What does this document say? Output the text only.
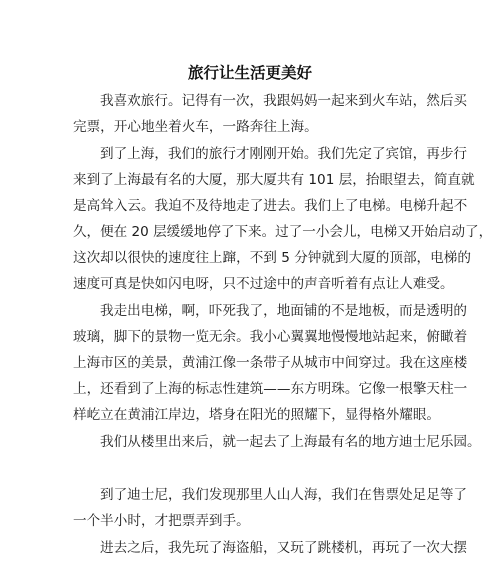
旅行让生活更美好
我喜欢旅行。记得有一次，我跟妈妈一起来到火车站，然后买
完票，开心地坐着火车，一路奔往上海。
到了上海，我们的旅行才刚刚开始。我们先定了宾馆，再步行
来到了上海最有名的大厦，那大厦共有 101 层，抬眼望去，简直就
是高耸入云。我迫不及待地走了进去。我们上了电梯。电梯升起不
久，便在 20 层缓缓地停了下来。过了一小会儿，电梯又开始启动了，
这次却以很快的速度往上蹿，不到 5 分钟就到大厦的顶部，电梯的
速度可真是快如闪电呀，只不过途中的声音听着有点让人难受。
我走出电梯，啊，吓死我了，地面铺的不是地板，而是透明的
玻璃，脚下的景物一览无余。我小心翼翼地慢慢地站起来，俯瞰着
上海市区的美景，黄浦江像一条带子从城市中间穿过。我在这座楼
上，还看到了上海的标志性建筑——东方明珠。它像一根擎天柱一
样屹立在黄浦江岸边，塔身在阳光的照耀下，显得格外耀眼。
我们从楼里出来后，就一起去了上海最有名的地方迪士尼乐园。
到了迪士尼，我们发现那里人山人海，我们在售票处足足等了
一个半小时，才把票弄到手。
进去之后，我先玩了海盗船，又玩了跳楼机，再玩了一次大摆
